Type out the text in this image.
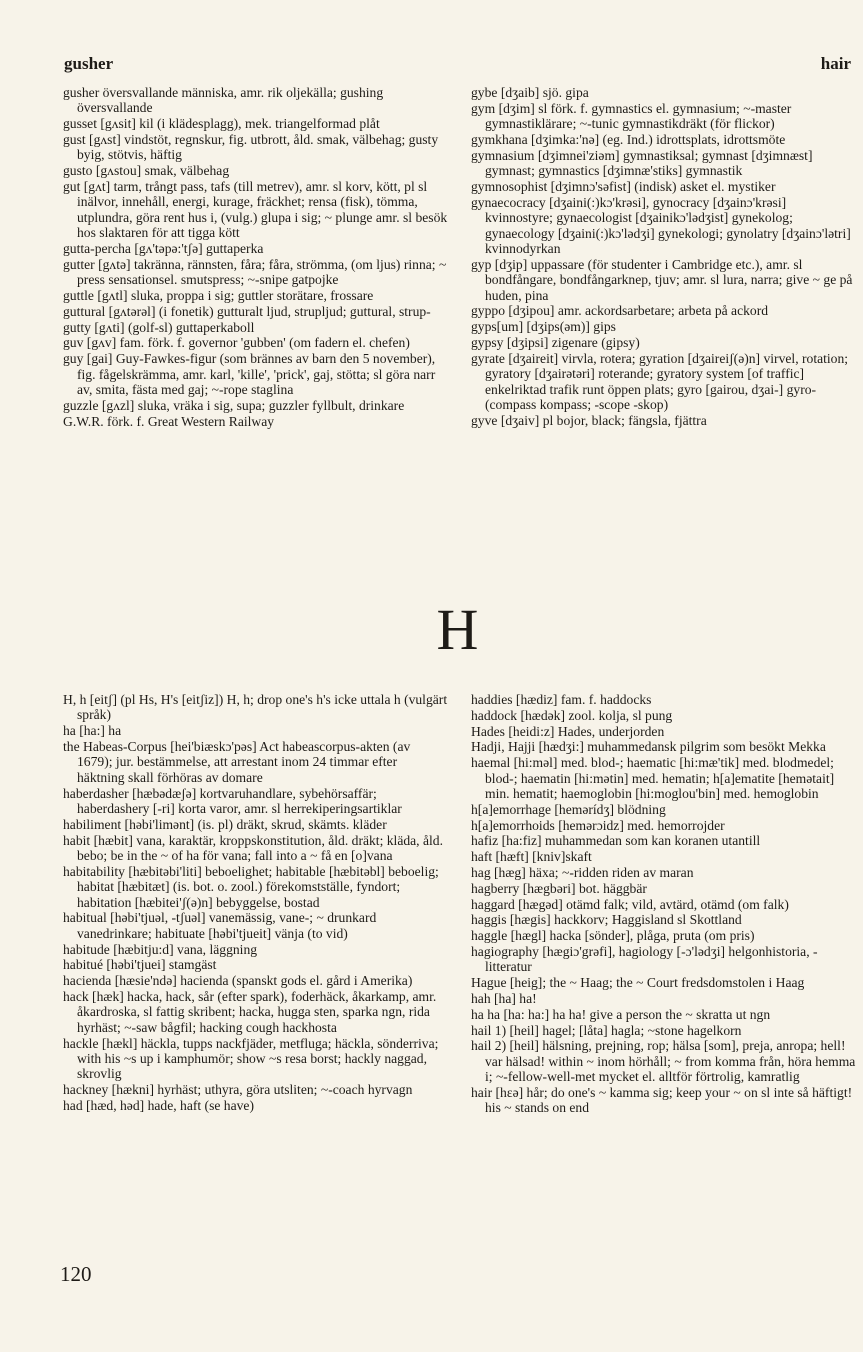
gusher	hair
gusher översvallande människa, amr. rik oljekälla; gushing översvallande
gusset [gʌsit] kil (i klädesplagg), mek. triangelformad plåt
gust [gʌst] vindstöt, regnskur, fig. utbrott, åld. smak, välbehag; gusty byig, stötvis, häftig
gusto [gʌstou] smak, välbehag
gut [gʌt] tarm, trångt pass, tafs (till metrev), amr. sl korv, kött, pl sl inälvor, innehåll, energi, kurage, fräckhet; rensa (fisk), tömma, utplundra, göra rent hus i, (vulg.) glupa i sig; ~ plunge amr. sl besök hos slaktaren för att tigga kött
gutta-percha [gʌ'təpə:'tʃə] guttaperka
gutter [gʌtə] takränna, rännsten, fåra; fåra, strömma, (om ljus) rinna; ~ press sensationsel. smutspress; ~-snipe gatpojke
guttle [gʌtl] sluka, proppa i sig; guttler storätare, frossare
guttural [gʌtərəl] (i fonetik) gutturalt ljud, strupljud; guttural, strup-
gutty [gʌti] (golf-sl) guttaperkaboll
guv [gʌv] fam. förk. f. governor 'gubben' (om fadern el. chefen)
guy [gai] Guy-Fawkes-figur (som brännes av barn den 5 november), fig. fågelskrämma, amr. karl, 'kille', 'prick', gaj, stötta; sl göra narr av, smita, fästa med gaj; ~-rope staglina
guzzle [gʌzl] sluka, vräka i sig, supa; guzzler fyllbult, drinkare
G.W.R. förk. f. Great Western Railway
gybe [dʒaib] sjö. gipa
gym [dʒim] sl förk. f. gymnastics el. gymnasium; ~-master gymnastiklärare; ~-tunic gymnastikdräkt (för flickor)
gymkhana [dʒimka:'nə] (eg. Ind.) idrottsplats, idrottsmöte
gymnasium [dʒimnei'ziəm] gymnastiksal; gymnast [dʒimnæst] gymnast; gymnastics [dʒimnæ'stiks] gymnastik
gymnosophist [dʒimnɔ'səfist] (indisk) asket el. mystiker
gynaecocracy [dʒaini(:)kɔ'krəsi], gynocracy [dʒainɔ'krəsi] kvinnostyre; gynaecologist [dʒainikɔ'lədʒist] gynekolog; gynaecology [dʒaini(:)kɔ'lədʒi] gynekologi; gynolatry [dʒainɔ'lətri] kvinnodyrkan
gyp [dʒip] uppassare (för studenter i Cambridge etc.), amr. sl bondfångare, bondfångarknep, tjuv; amr. sl lura, narra; give ~ ge på huden, pina
gyppo [dʒipou] amr. ackordsarbetare; arbeta på ackord
gyps[um] [dʒips(əm)] gips
gypsy [dʒipsi] zigenare (gipsy)
gyrate [dʒaireit] virvla, rotera; gyration [dʒaireiʃ(ə)n] virvel, rotation; gyratory [dʒairətəri] roterande; gyratory system [of traffic] enkelriktad trafik runt öppen plats; gyro [gairou, dʒai-] gyro- (compass kompass; -scope -skop)
gyve [dʒaiv] pl bojor, black; fängsla, fjättra
H
H, h [eitʃ] (pl Hs, H's [eitʃiz]) H, h; drop one's h's icke uttala h (vulgärt språk)
ha [ha:] ha
the Habeas-Corpus [hei'biæskɔ'pəs] Act habeascorpus-akten (av 1679); jur. bestämmelse, att arrestant inom 24 timmar efter häktning skall förhöras av domare
haberdasher [hæbədæʃə] kortvaruhandlare, sybehörsaffär; haberdashery [-ri] korta varor, amr. sl herrekiperingsartiklar
habiliment [həbi'limənt] (is. pl) dräkt, skrud, skämts. kläder
habit [hæbit] vana, karaktär, kroppskonstitution, åld. dräkt; kläda, åld. bebo; be in the ~ of ha för vana; fall into a ~ få en [o]vana
habitability [hæbitəbi'liti] beboelighet; habitable [hæbitəbl] beboelig; habitat [hæbitæt] (is. bot. o. zool.) förekomstställe, fyndort; habitation [hæbitei'ʃ(ə)n] bebyggelse, bostad
habitual [həbi'tjuəl, -tʃuəl] vanemässig, vane-; ~ drunkard vanedrinkare; habituate [həbi'tjueit] vänja (to vid)
habitude [hæbitju:d] vana, läggning
habitué [həbi'tjuei] stamgäst
hacienda [hæsie'ndə] hacienda (spanskt gods el. gård i Amerika)
hack [hæk] hacka, hack, sår (efter spark), foderhäck, åkarkamp, amr. åkardroska, sl fattig skribent; hacka, hugga sten, sparka ngn, rida hyrhäst; ~-saw bågfil; hacking cough hackhosta
hackle [hækl] häckla, tupps nackfjäder, metfluga; häckla, sönderriva; with his ~s up i kamphumör; show ~s resa borst; hackly naggad, skrovlig
hackney [hækni] hyrhäst; uthyra, göra utsliten; ~-coach hyrvagn
had [hæd, həd] hade, haft (se have)
haddies [hædiz] fam. f. haddocks
haddock [hædək] zool. kolja, sl pung
Hades [heidi:z] Hades, underjorden
Hadji, Hajji [hædʒi:] muhammedansk pilgrim som besökt Mekka
haemal [hi:məl] med. blod-; haematic [hi:mæ'tik] med. blodmedel; blod-; haematin [hi:mətin] med. hematin; h[a]ematite [hemətait] min. hematit; haemoglobin [hi:moglou'bin] med. hemoglobin
h[a]emorrhage [hemərídʒ] blödning
h[a]emorrhoids [hemərɔidz] med. hemorrojder
hafiz [ha:fiz] muhammedan som kan koranen utantill
haft [hæft] [kniv]skaft
hag [hæg] häxa; ~-ridden riden av maran
hagberry [hægbəri] bot. häggbär
haggard [hægəd] otämd falk; vild, avtärd, otämd (om falk)
haggis [hægis] hackkorv; Haggisland sl Skottland
haggle [hægl] hacka [sönder], plåga, pruta (om pris)
hagiography [hægiɔ'grəfi], hagiology [-ɔ'lədʒi] helgonhistoria, -litteratur
Hague [heig]; the ~ Haag; the ~ Court fredsdomstolen i Haag
hah [ha] ha!
ha ha [ha: ha:] ha ha! give a person the ~ skratta ut ngn
hail 1) [heil] hagel; [låta] hagla; ~stone hagelkorn
hail 2) [heil] hälsning, prejning, rop; hälsa [som], preja, anropa; hell! var hälsad! within ~ inom hörhåll; ~ from komma från, höra hemma i; ~-fellow-well-met mycket el. alltför förtrolig, kamratlig
hair [hɛə] hår; do one's ~ kamma sig; keep your ~ on sl inte så häftigt! his ~ stands on end
120
